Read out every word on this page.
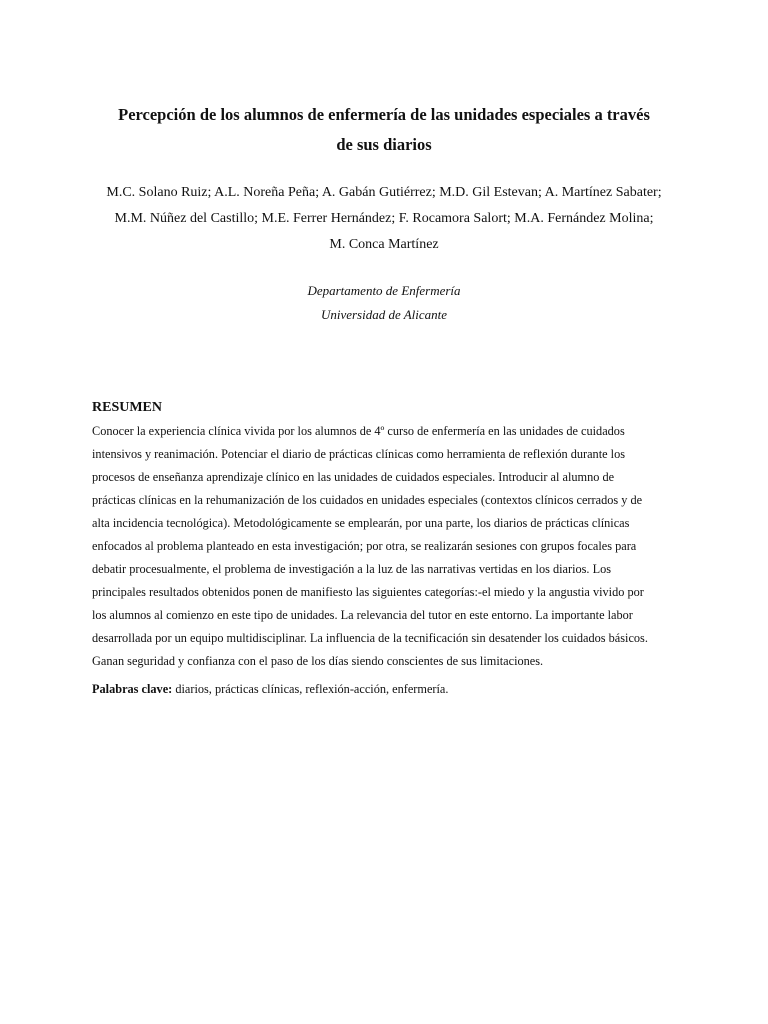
Percepción de los alumnos de enfermería de las unidades especiales a través
de sus diarios
M.C. Solano Ruiz; A.L. Noreña Peña; A. Gabán Gutiérrez; M.D. Gil Estevan; A. Martínez Sabater;
M.M. Núñez del Castillo; M.E. Ferrer Hernández; F. Rocamora Salort; M.A. Fernández Molina;
M. Conca Martínez
Departamento de Enfermería
Universidad de Alicante
RESUMEN
Conocer la experiencia clínica vivida por los alumnos de 4º curso de enfermería en las unidades de cuidados
intensivos y reanimación. Potenciar el diario de prácticas clínicas como herramienta de reflexión durante los
procesos de enseñanza aprendizaje clínico en las unidades de cuidados especiales. Introducir al alumno de
prácticas clínicas en la rehumanización de los cuidados en unidades especiales (contextos clínicos cerrados y de
alta incidencia tecnológica). Metodológicamente se emplearán, por una parte, los diarios de prácticas clínicas
enfocados al problema planteado en esta investigación; por otra, se realizarán sesiones con grupos focales para
debatir procesualmente, el problema de investigación a la luz de las narrativas vertidas en los diarios. Los
principales resultados obtenidos ponen de manifiesto las siguientes categorías:-el miedo y la angustia vivido por
los alumnos al comienzo en este tipo de unidades. La relevancia del tutor en este entorno. La importante labor
desarrollada por un equipo multidisciplinar. La influencia de la tecnificación sin desatender los cuidados básicos.
Ganan seguridad y confianza con el paso de los días siendo conscientes de sus limitaciones.
Palabras clave: diarios, prácticas clínicas, reflexión-acción, enfermería.
